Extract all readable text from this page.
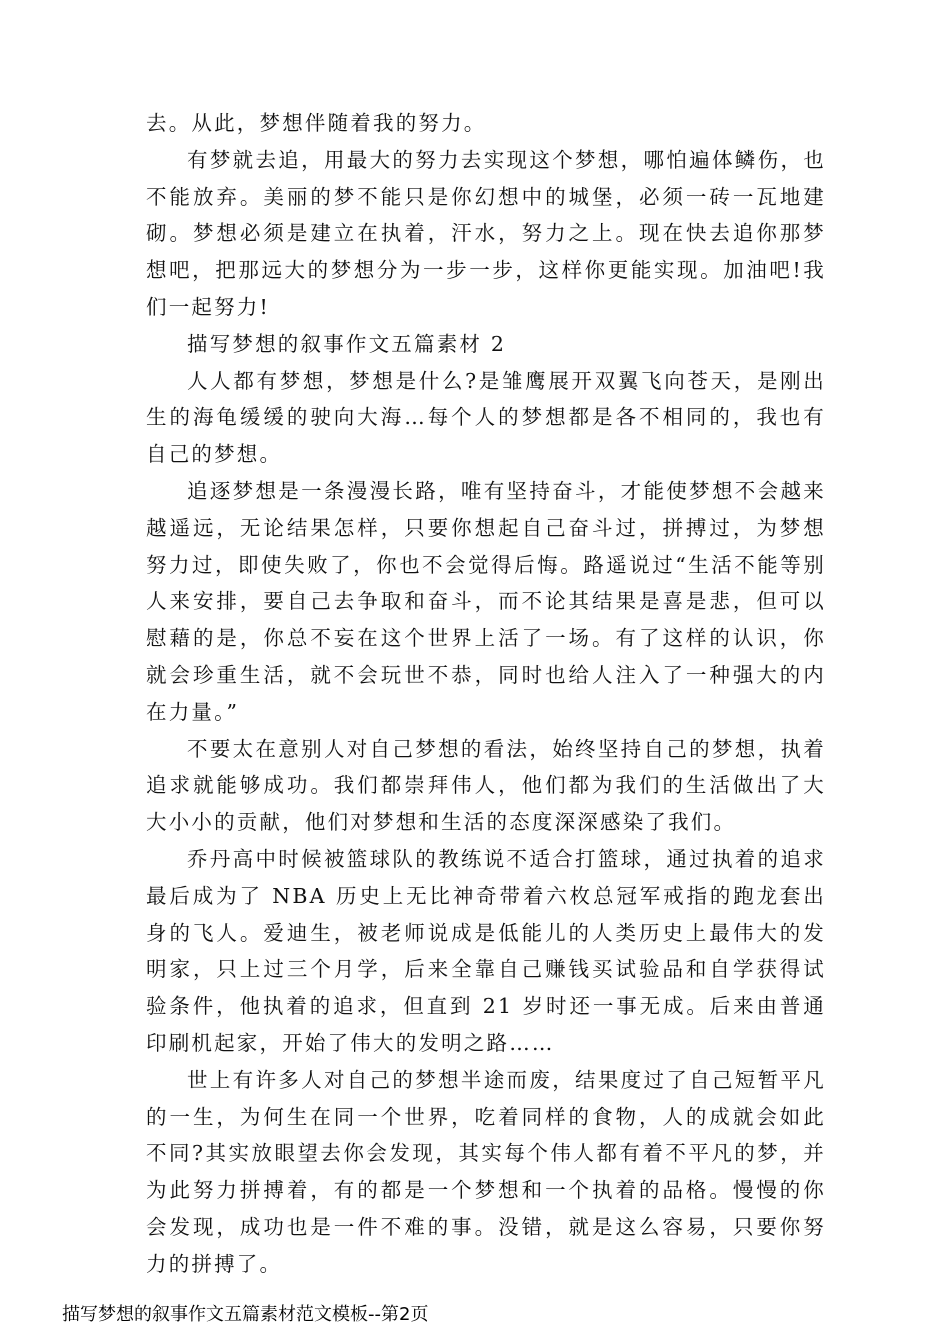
去。从此，梦想伴随着我的努力。

有梦就去追，用最大的努力去实现这个梦想，哪怕遍体鳞伤，也不能放弃。美丽的梦不能只是你幻想中的城堡，必须一砖一瓦地建砌。梦想必须是建立在执着，汗水，努力之上。现在快去追你那梦想吧，把那远大的梦想分为一步一步，这样你更能实现。加油吧!我们一起努力!

描写梦想的叙事作文五篇素材 2

人人都有梦想，梦想是什么?是雏鹰展开双翼飞向苍天，是刚出生的海龟缓缓的驶向大海…每个人的梦想都是各不相同的，我也有自己的梦想。

追逐梦想是一条漫漫长路，唯有坚持奋斗，才能使梦想不会越来越遥远，无论结果怎样，只要你想起自己奋斗过，拼搏过，为梦想努力过，即使失败了，你也不会觉得后悔。路遥说过“生活不能等别人来安排，要自己去争取和奋斗，而不论其结果是喜是悲，但可以慰藉的是，你总不妄在这个世界上活了一场。有了这样的认识，你就会珍重生活，就不会玩世不恭，同时也给人注入了一种强大的内在力量。”

不要太在意别人对自己梦想的看法，始终坚持自己的梦想，执着追求就能够成功。我们都崇拜伟人，他们都为我们的生活做出了大大小小的贡献，他们对梦想和生活的态度深深感染了我们。

乔丹高中时候被篮球队的教练说不适合打篮球，通过执着的追求最后成为了 NBA 历史上无比神奇带着六枚总冠军戒指的跑龙套出身的飞人。爱迪生，被老师说成是低能儿的人类历史上最伟大的发明家，只上过三个月学，后来全靠自己赚钱买试验品和自学获得试验条件，他执着的追求，但直到 21 岁时还一事无成。后来由普通印刷机起家，开始了伟大的发明之路……

世上有许多人对自己的梦想半途而废，结果度过了自己短暂平凡的一生，为何生在同一个世界，吃着同样的食物，人的成就会如此不同?其实放眼望去你会发现，其实每个伟人都有着不平凡的梦，并为此努力拼搏着，有的都是一个梦想和一个执着的品格。慢慢的你会发现，成功也是一件不难的事。没错，就是这么容易，只要你努力的拼搏了。

描写梦想的叙事作文五篇素材范文模板--第2页
